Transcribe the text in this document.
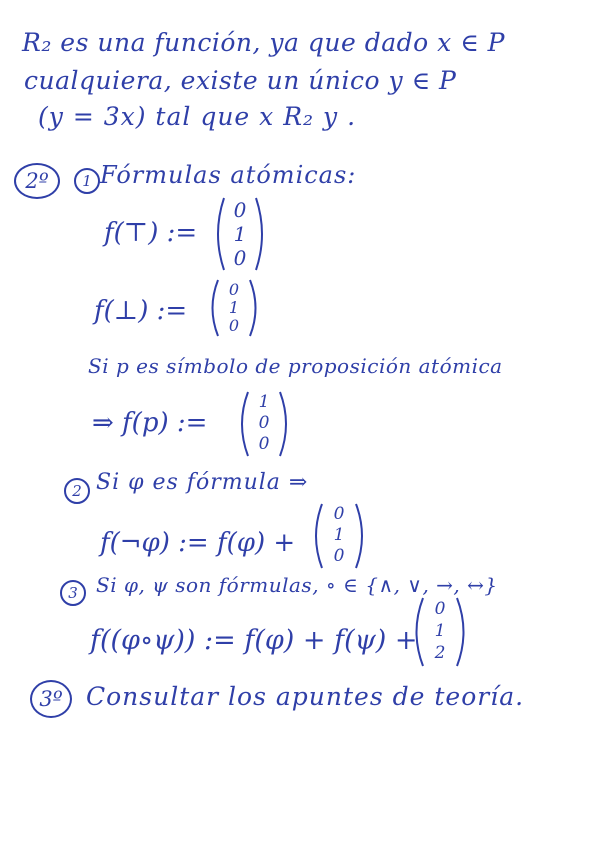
R₂ es una función, ya que dado x ∈ P
cualquiera, existe un único y ∈ P
(y = 3x) tal que x R₂ y .
2º	1 Fórmulas atómicas:
f(⊤) :=
0
1
0
f(⊥) :=
0
1
0
Si p es símbolo de proposición atómica
⇒ f(p) :=
1
0
0
2 Si φ es fórmula ⇒
f(¬φ) := f(φ) +
0
1
0
3 Si φ, ψ son fórmulas, ∘ ∈ {∧, ∨, →, ↔}
f((φ∘ψ)) := f(φ) + f(ψ) +
0
1
2
3º Consultar los apuntes de teoría.
